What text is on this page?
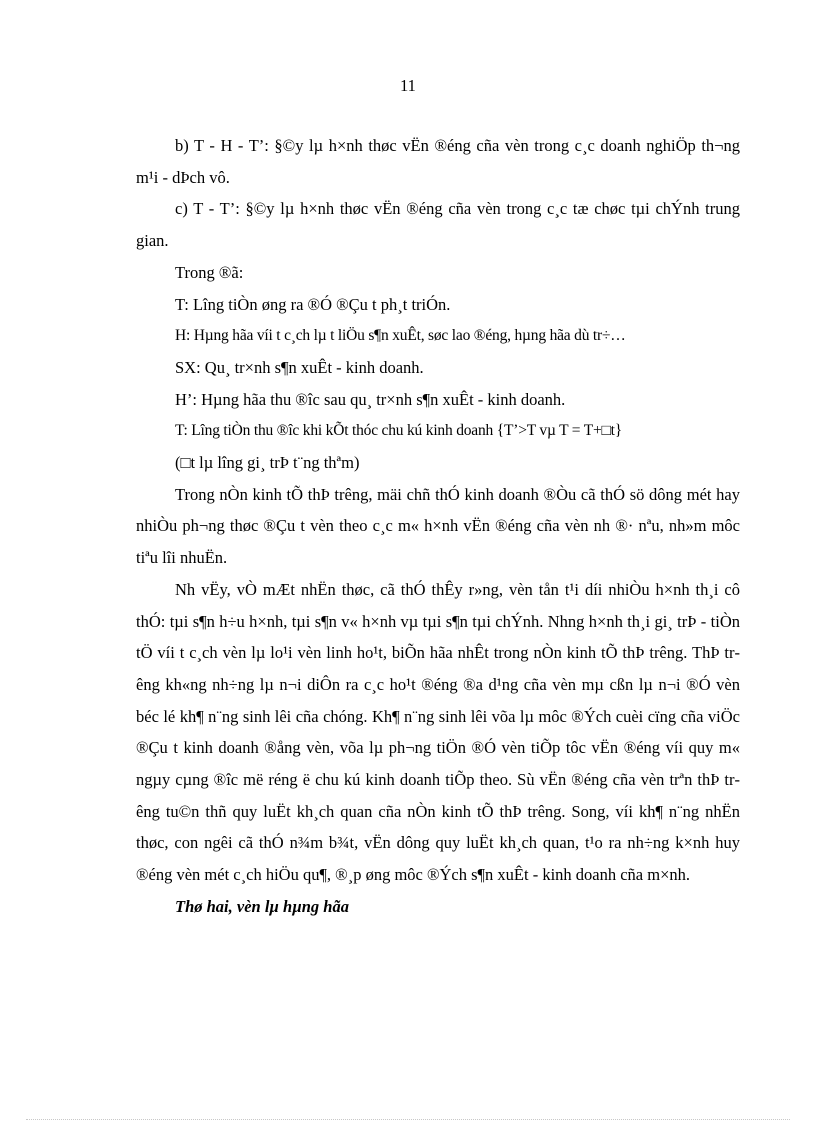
11

b) T - H - T’: §©y lµ h×nh thøc vËn ®éng cña vèn trong c¸c doanh nghiÖp th¬ng m¹i - dÞch vô.

c) T - T’: §©y lµ h×nh thøc vËn ®éng cña vèn trong c¸c tæ chøc tµi chÝnh trung gian.

Trong ®ã:

T: Lîng tiÒn øng ra ®Ó ®Çu t ph¸t triÓn.

H: Hµng hãa víi t c¸ch lµ t liÖu s¶n xuÊt, søc lao ®éng, hµng hãa dù tr÷…

SX: Qu¸ tr×nh s¶n xuÊt - kinh doanh.

H’: Hµng hãa thu ®îc sau qu¸ tr×nh s¶n xuÊt - kinh doanh.

T: Lîng tiÒn thu ®îc khi kÕt thóc chu kú kinh doanh {T’>T vµ T = T+□t}

(□t lµ lîng gi¸ trÞ t¨ng thªm)

Trong nÒn kinh tÕ thÞ trêng, mäi chñ thÓ kinh doanh ®Òu cã thÓ sö dông mét hay nhiÒu ph¬ng thøc ®Çu t vèn theo c¸c m« h×nh vËn ®éng cña vèn nh ®· nªu, nh»m môc tiªu lîi nhuËn.

Nh vËy, vÒ mÆt nhËn thøc, cã thÓ thÊy r»ng, vèn tån t¹i díi nhiÒu h×nh th¸i cô thÓ: tµi s¶n h÷u h×nh, tµi s¶n v« h×nh vµ tµi s¶n tµi chÝnh. Nhng h×nh th¸i gi¸ trÞ - tiÒn tÖ víi t c¸ch vèn lµ lo¹i vèn linh ho¹t, biÕn hãa nhÊt trong nÒn kinh tÕ thÞ trêng. ThÞ trêng kh«ng nh÷ng lµ n¬i diÔn ra c¸c ho¹t ®éng ®a d¹ng cña vèn mµ cßn lµ n¬i ®Ó vèn béc lé kh¶ n¨ng sinh lêi cña chóng. Kh¶ n¨ng sinh lêi võa lµ môc ®Ých cuèi cïng cña viÖc ®Çu t kinh doanh ®ång vèn, võa lµ ph¬ng tiÖn ®Ó vèn tiÕp tôc vËn ®éng víi quy m« ngµy cµng ®îc më réng ë chu kú kinh doanh tiÕp theo. Sù vËn ®éng cña vèn trªn thÞ trêng tu©n thñ quy luËt kh¸ch quan cña nÒn kinh tÕ thÞ trêng. Song, víi kh¶ n¨ng nhËn thøc, con ngêi cã thÓ n¾m b¾t, vËn dông quy luËt kh¸ch quan, t¹o ra nh÷ng k×nh huy ®éng vèn mét c¸ch hiÖu qu¶, ®¸p øng môc ®Ých s¶n xuÊt - kinh doanh cña m×nh.

Thø hai, vèn lµ hµng hãa
